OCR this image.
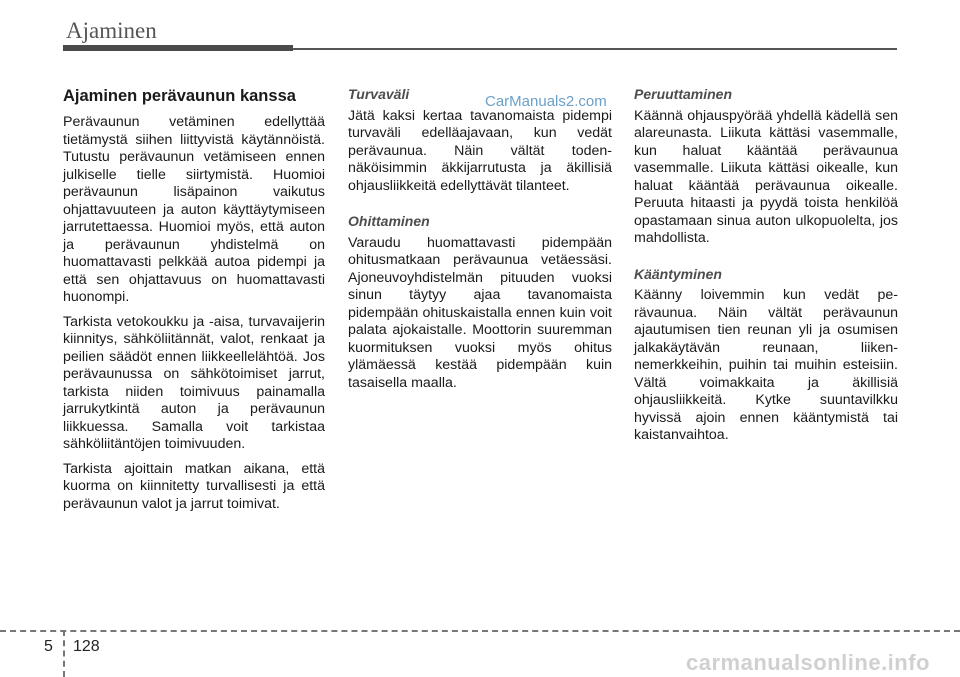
Ajaminen
CarManuals2.com
Ajaminen perävaunun kanssa

Perävaunun vetäminen edellyttää tietämystä siihen liittyvistä käytännöistä. Tutustu perävaunun vetämiseen ennen julkiselle tielle siirtymistä. Huomioi perävaunun lisäpainon vaikutus ohjattavuuteen ja auton käyttäytymiseen jarrutettaessa. Huomioi myös, että auton ja perävaunun yhdistelmä on huomattavasti pelkkää autoa pidempi ja että sen ohjattavuus on huomattavasti huonompi.

Tarkista vetokoukku ja -aisa, turvavaijerin kiinnitys, sähköliitännät, valot, renkaat ja peilien säädöt ennen liikkeellelähtöä. Jos perävaunussa on sähkötoimiset jarrut, tarkista niiden toimivuus painamalla jarrukytkintä auton ja perävaunun liikkuessa. Samalla voit tarkistaa sähköliitäntöjen toimivuuden.

Tarkista ajoittain matkan aikana, että kuorma on kiinnitetty turvallisesti ja että perävaunun valot ja jarrut toimivat.

Turvaväli

Jätä kaksi kertaa tavanomaista pidempi turvaväli edelläajavaan, kun vedät perävaunua. Näin vältät todennäköisimmin äkkijarrutusta ja äkillisiä ohjausliikkeitä edellyttävät tilanteet.

Ohittaminen

Varaudu huomattavasti pidempään ohitusmatkaan perävaunua vetäessäsi. Ajoneuvoyhdistelmän pituuden vuoksi sinun täytyy ajaa tavanomaista pidempään ohituskaistalla ennen kuin voit palata ajokaistalle. Moottorin suuremman kuormituksen vuoksi myös ohitus ylämäessä kestää pidempään kuin tasaisella maalla.

Peruuttaminen

Käännä ohjauspyörää yhdellä kädellä sen alareunasta. Liikuta kättäsi vasemmalle, kun haluat kääntää perävaunua vasemmalle. Liikuta kättäsi oikealle, kun haluat kääntää perävaunua oikealle. Peruuta hitaasti ja pyydä toista henkilöä opastamaan sinua auton ulkopuolelta, jos mahdollista.

Kääntyminen

Käänny loivemmin kun vedät perävaunua. Näin vältät perävaunun ajautumisen tien reunan yli ja osumisen jalkakäytävän reunaan, liikennemerkkeihin, puihin tai muihin esteisiin. Vältä voimakkaita ja äkillisiä ohjausliikkeitä. Kytke suuntavilkku hyvissä ajoin ennen kääntymistä tai kaistanvaihtoa.

5 128
carmanualsonline.info
